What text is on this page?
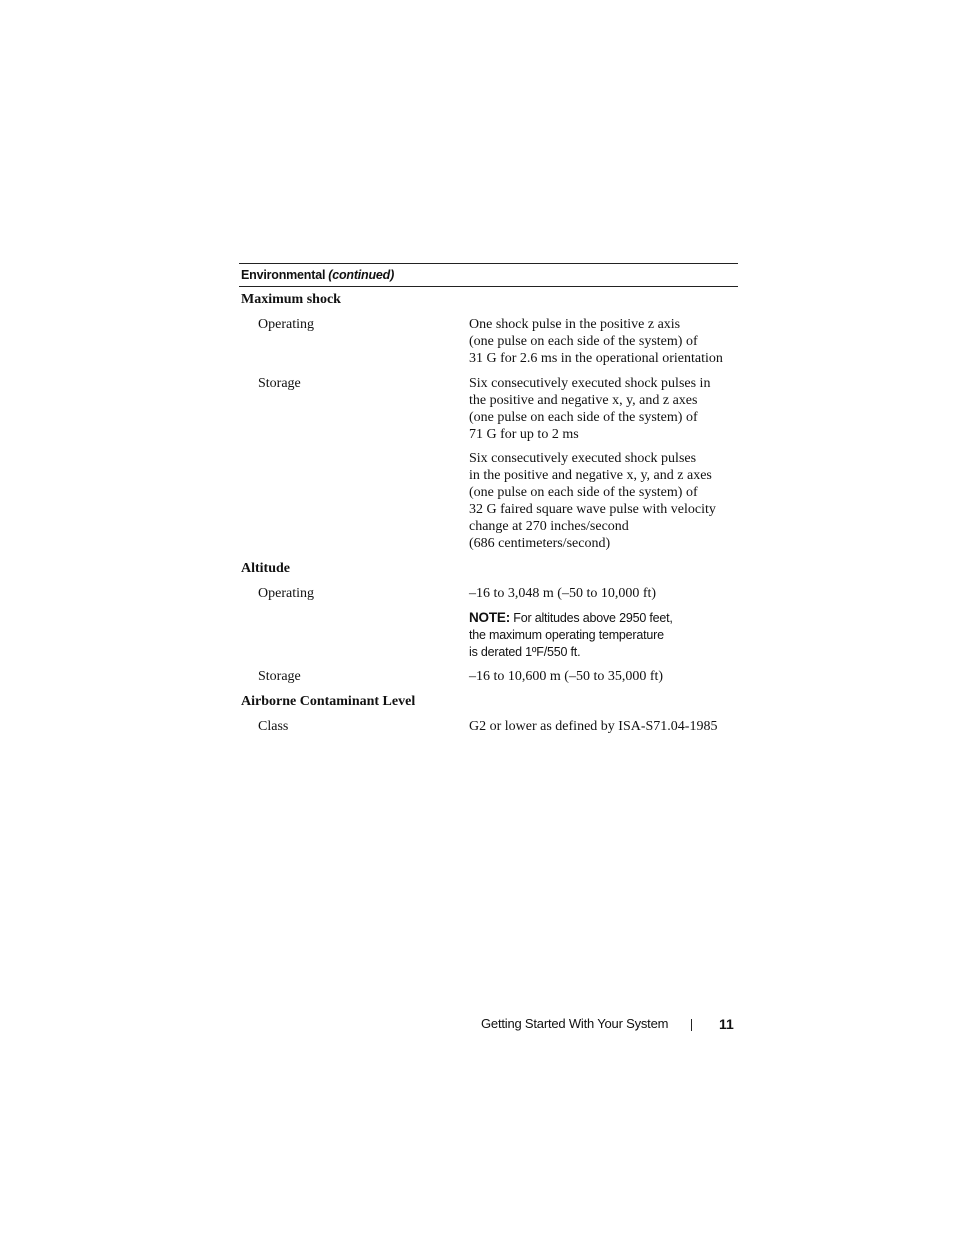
Environmental (continued)
Maximum shock
Operating	One shock pulse in the positive z axis
(one pulse on each side of the system) of
31 G for 2.6 ms in the operational orientation
Storage	Six consecutively executed shock pulses in
the positive and negative x, y, and z axes
(one pulse on each side of the system) of
71 G for up to 2 ms
Six consecutively executed shock pulses
in the positive and negative x, y, and z axes
(one pulse on each side of the system) of
32 G faired square wave pulse with velocity
change at 270 inches/second
(686 centimeters/second)
Altitude
Operating	–16 to 3,048 m (–50 to 10,000 ft)
NOTE: For altitudes above 2950 feet,
the maximum operating temperature
is derated 1ºF/550 ft.
Storage	–16 to 10,600 m (–50 to 35,000 ft)
Airborne Contaminant Level
Class	G2 or lower as defined by ISA-S71.04-1985
Getting Started With Your System	11
